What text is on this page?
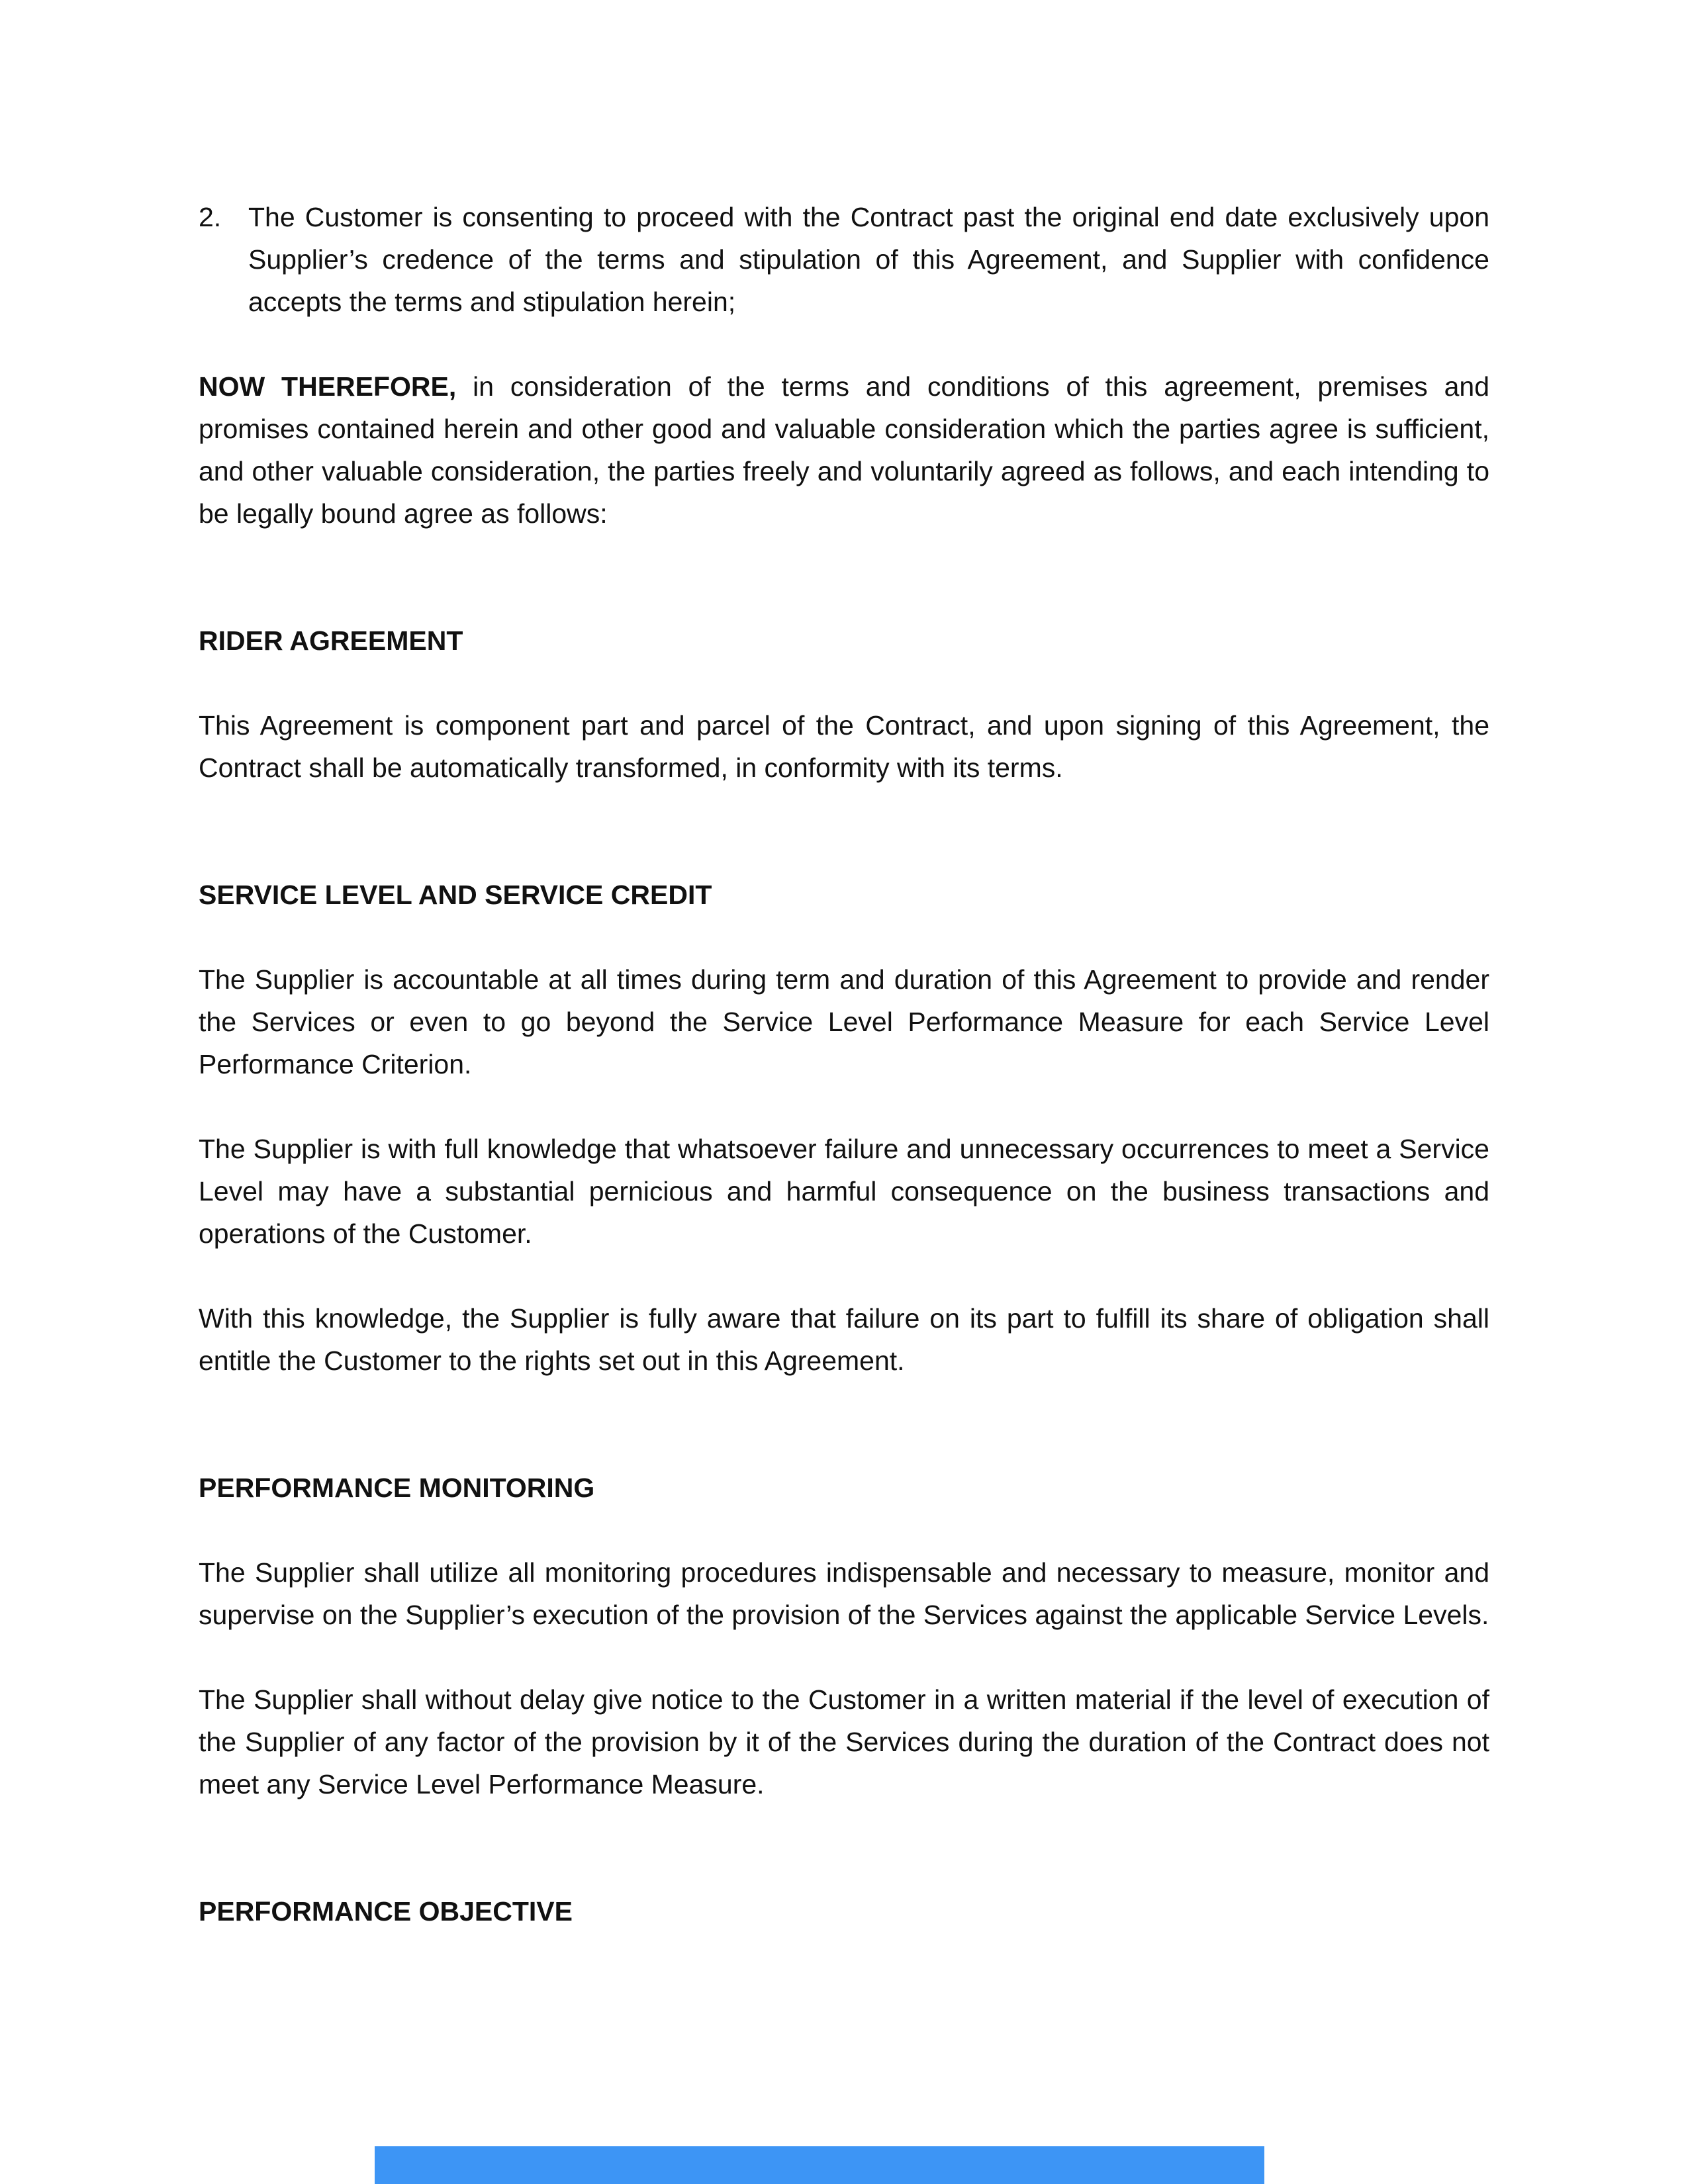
2. The Customer is consenting to proceed with the Contract past the original end date exclusively upon Supplier’s credence of the terms and stipulation of this Agreement, and Supplier with confidence accepts the terms and stipulation herein;

NOW THEREFORE, in consideration of the terms and conditions of this agreement, premises and promises contained herein and other good and valuable consideration which the parties agree is sufficient, and other valuable consideration, the parties freely and voluntarily agreed as follows, and each intending to be legally bound agree as follows:

RIDER AGREEMENT

This Agreement is component part and parcel of the Contract, and upon signing of this Agreement, the Contract shall be automatically transformed, in conformity with its terms.

SERVICE LEVEL AND SERVICE CREDIT

The Supplier is accountable at all times during term and duration of this Agreement to provide and render the Services or even to go beyond the Service Level Performance Measure for each Service Level Performance Criterion.

The Supplier is with full knowledge that whatsoever failure and unnecessary occurrences to meet a Service Level may have a substantial pernicious and harmful consequence on the business transactions and operations of the Customer.

With this knowledge, the Supplier is fully aware that failure on its part to fulfill its share of obligation shall entitle the Customer to the rights set out in this Agreement.

PERFORMANCE MONITORING

The Supplier shall utilize all monitoring procedures indispensable and necessary to measure, monitor and supervise on the Supplier’s execution of the provision of the Services against the applicable Service Levels.

The Supplier shall without delay give notice to the Customer in a written material if the level of execution of the Supplier of any factor of the provision by it of the Services during the duration of the Contract does not meet any Service Level Performance Measure.

PERFORMANCE OBJECTIVE
